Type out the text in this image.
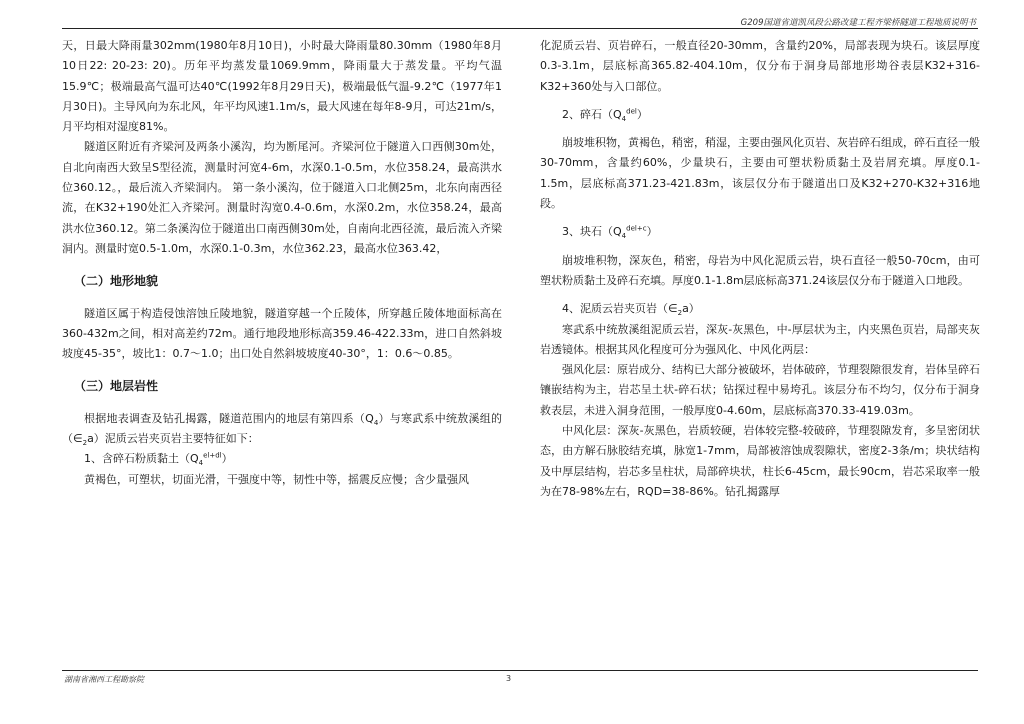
G209国道省道凯凤段公路改建工程齐梁桥隧道工程地质说明书

天，日最大降雨量302mm(1980年8月10日)，小时最大降雨量80.30mm（1980年8月10日22: 20-23: 20)。历年平均蒸发量1069.9mm，降雨量大于蒸发量。平均气温15.9℃；极端最高气温可达40℃(1992年8月29日天)，极端最低气温-9.2℃（1977年1月30日)。主导风向为东北风，年平均风速1.1m/s，最大风速在每年8-9月，可达21m/s，月平均相对湿度81%。

隧道区附近有齐梁河及两条小溪沟，均为断尾河。齐梁河位于隧道入口西侧30m处，自北向南西大致呈S型径流，测量时河宽4-6m，水深0.1-0.5m，水位358.24，最高洪水位360.12。，最后流入齐梁洞内。 第一条小溪沟，位于隧道入口北侧25m，北东向南西径流，在K32+190处汇入齐梁河。测量时沟宽0.4-0.6m，水深0.2m，水位358.24，最高洪水位360.12。第二条溪沟位于隧道出口南西侧30m处，自南向北西径流，最后流入齐梁洞内。测量时宽0.5-1.0m，水深0.1-0.3m，水位362.23，最高水位363.42，

（二）地形地貌

隧道区属于构造侵蚀溶蚀丘陵地貌，隧道穿越一个丘陵体，所穿越丘陵体地面标高在360-432m之间，相对高差约72m。通行地段地形标高359.46-422.33m，进口自然斜坡坡度45-35°，坡比1：0.7～1.0；出口处自然斜坡坡度40-30°，1：0.6～0.85。

（三）地层岩性

根据地表调查及钻孔揭露，隧道范围内的地层有第四系$(Q_4)$与寒武系中统敖溪组的$(\in_2a)$泥质云岩夹页岩主要特征如下：

1、含碎石粉质黏土$(Q_4^{el+dl})$

黄褐色，可塑状，切面光滑，干强度中等，韧性中等，摇震反应慢；含少量强风

化泥质云岩、页岩碎石，一般直径20-30mm，含量约20%，局部表现为块石。该层厚度0.3-3.1m，层底标高365.82-404.10m，仅分布于洞身局部地形坳谷表层K32+316-K32+360处与入口部位。

2、碎石$(Q_4^{del})$

崩坡堆积物，黄褐色，稍密，稍湿，主要由强风化页岩、灰岩碎石组成，碎石直径一般30-70mm，含量约60%，少量块石，主要由可塑状粉质黏土及岩屑充填。厚度0.1-1.5m，层底标高371.23-421.83m，该层仅分布于隧道出口及K32+270-K32+316地段。

3、块石$(Q_4^{del+c})$

崩坡堆积物，深灰色，稍密，母岩为中风化泥质云岩，块石直径一般50-70cm，由可塑状粉质黏土及碎石充填。厚度0.1-1.8m层底标高371.24该层仅分布于隧道入口地段。

4、泥质云岩夹页岩$(\in_2a)$

寒武系中统敖溪组泥质云岩，深灰-灰黑色，中-厚层状为主，内夹黑色页岩，局部夹灰岩透镜体。根据其风化程度可分为强风化、中风化两层：

强风化层：原岩成分、结构已大部分被破坏，岩体破碎，节理裂隙很发育，岩体呈碎石镶嵌结构为主，岩芯呈土状-碎石状；钻探过程中易垮孔。该层分布不均匀，仅分布于洞身救表层，未进入洞身范围，一般厚度0-4.60m，层底标高370.33-419.03m。

中风化层：深灰-灰黑色，岩质较硬，岩体较完整-较破碎，节理裂隙发育，多呈密闭状态，由方解石脉胶结充填，脉宽1-7mm，局部被溶蚀成裂隙状，密度2-3条/m；块状结构及中厚层结构，岩芯多呈柱状，局部碎块状，柱长6-45cm，最长90cm，岩芯采取率一般为在78-98%左右，RQD=38-86%。钻孔揭露厚

湖南省湘西工程勘察院	3
